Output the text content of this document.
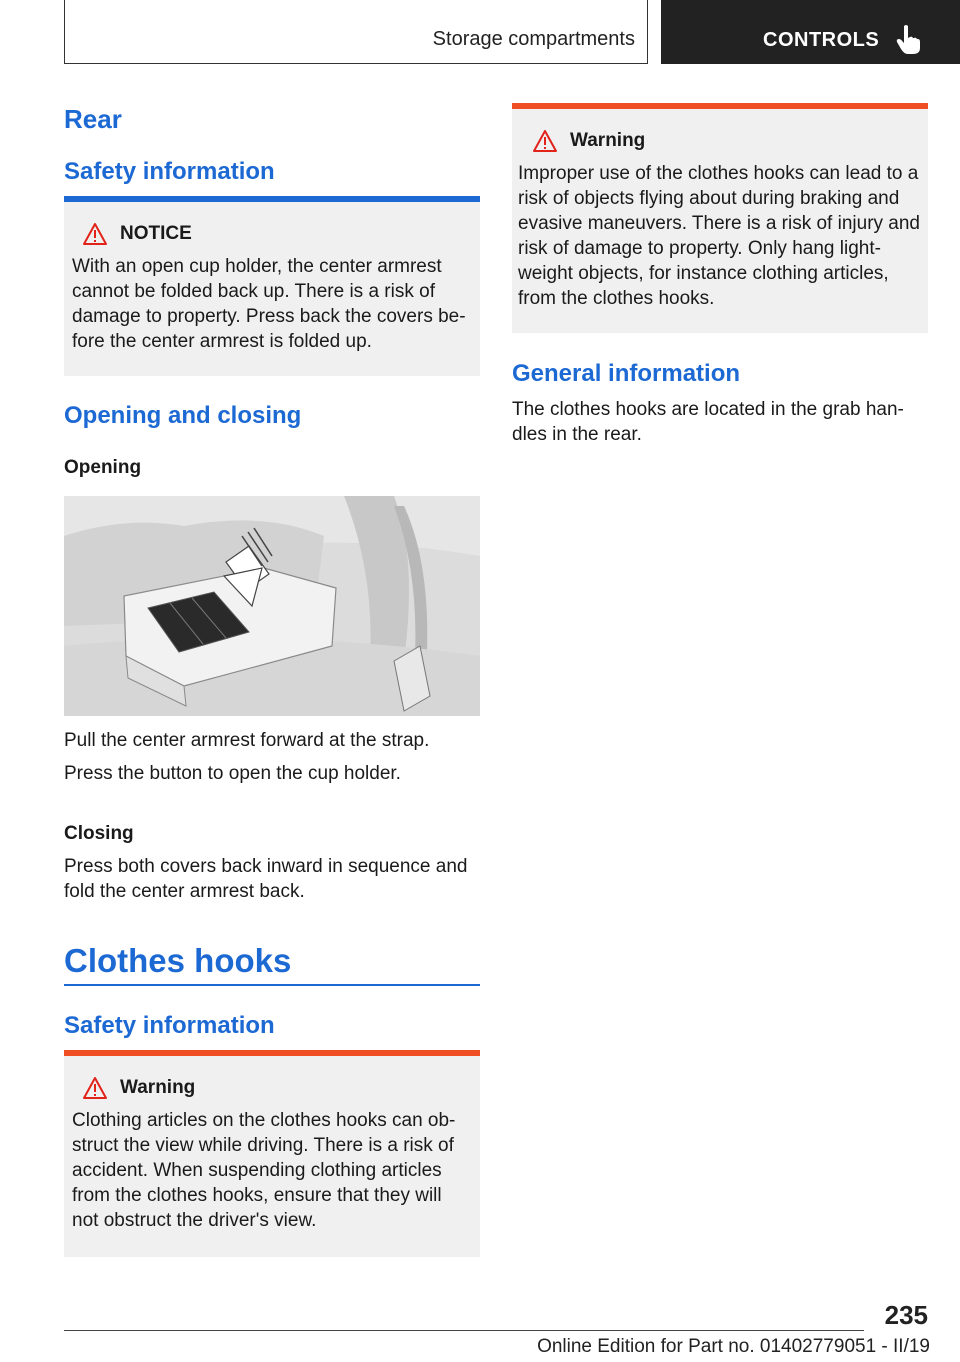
Storage compartments	CONTROLS
Rear
Safety information
NOTICE

With an open cup holder, the center armrest cannot be folded back up. There is a risk of damage to property. Press back the covers be-fore the center armrest is folded up.

Opening and closing
Opening

Pull the center armrest forward at the strap.

Press the button to open the cup holder.

Closing

Press both covers back inward in sequence and fold the center armrest back.

Clothes hooks
Safety information
Warning

Clothing articles on the clothes hooks can ob-struct the view while driving. There is a risk of accident. When suspending clothing articles from the clothes hooks, ensure that they will not obstruct the driver's view.

Warning

Improper use of the clothes hooks can lead to a risk of objects flying about during braking and evasive maneuvers. There is a risk of injury and risk of damage to property. Only hang light-weight objects, for instance clothing articles, from the clothes hooks.

General information

The clothes hooks are located in the grab han-dles in the rear.

235
Online Edition for Part no. 01402779051 - II/19
